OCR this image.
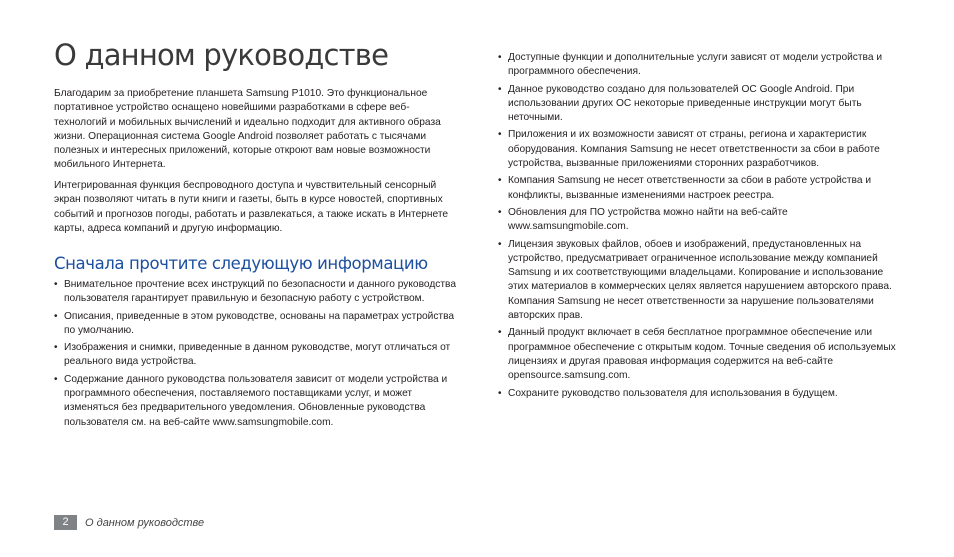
О данном руководстве

Благодарим за приобретение планшета Samsung P1010. Это функциональное портативное устройство оснащено новейшими разработками в сфере веб-технологий и мобильных вычислений и идеально подходит для активного образа жизни. Операционная система Google Android позволяет работать с тысячами полезных и интересных приложений, которые откроют вам новые возможности мобильного Интернета.

Интегрированная функция беспроводного доступа и чувствительный сенсорный экран позволяют читать в пути книги и газеты, быть в курсе новостей, спортивных событий и прогнозов погоды, работать и развлекаться, а также искать в Интернете карты, адреса компаний и другую информацию.

Сначала прочтите следующую информацию
• Внимательное прочтение всех инструкций по безопасности и данного руководства пользователя гарантирует правильную и безопасную работу с устройством.
• Описания, приведенные в этом руководстве, основаны на параметрах устройства по умолчанию.
• Изображения и снимки, приведенные в данном руководстве, могут отличаться от реального вида устройства.
• Содержание данного руководства пользователя зависит от модели устройства и программного обеспечения, поставляемого поставщиками услуг, и может изменяться без предварительного уведомления. Обновленные руководства пользователя см. на веб-сайте www.samsungmobile.com.
• Доступные функции и дополнительные услуги зависят от модели устройства и программного обеспечения.
• Данное руководство создано для пользователей ОС Google Android. При использовании других ОС некоторые приведенные инструкции могут быть неточными.
• Приложения и их возможности зависят от страны, региона и характеристик оборудования. Компания Samsung не несет ответственности за сбои в работе устройства, вызванные приложениями сторонних разработчиков.
• Компания Samsung не несет ответственности за сбои в работе устройства и конфликты, вызванные изменениями настроек реестра.
• Обновления для ПО устройства можно найти на веб-сайте www.samsungmobile.com.
• Лицензия звуковых файлов, обоев и изображений, предустановленных на устройство, предусматривает ограниченное использование между компанией Samsung и их соответствующими владельцами. Копирование и использование этих материалов в коммерческих целях является нарушением авторского права. Компания Samsung не несет ответственности за нарушение пользователями авторских прав.
• Данный продукт включает в себя бесплатное программное обеспечение или программное обеспечение с открытым кодом. Точные сведения об используемых лицензиях и другая правовая информация содержится на веб-сайте opensource.samsung.com.
• Сохраните руководство пользователя для использования в будущем.
2	О данном руководстве
